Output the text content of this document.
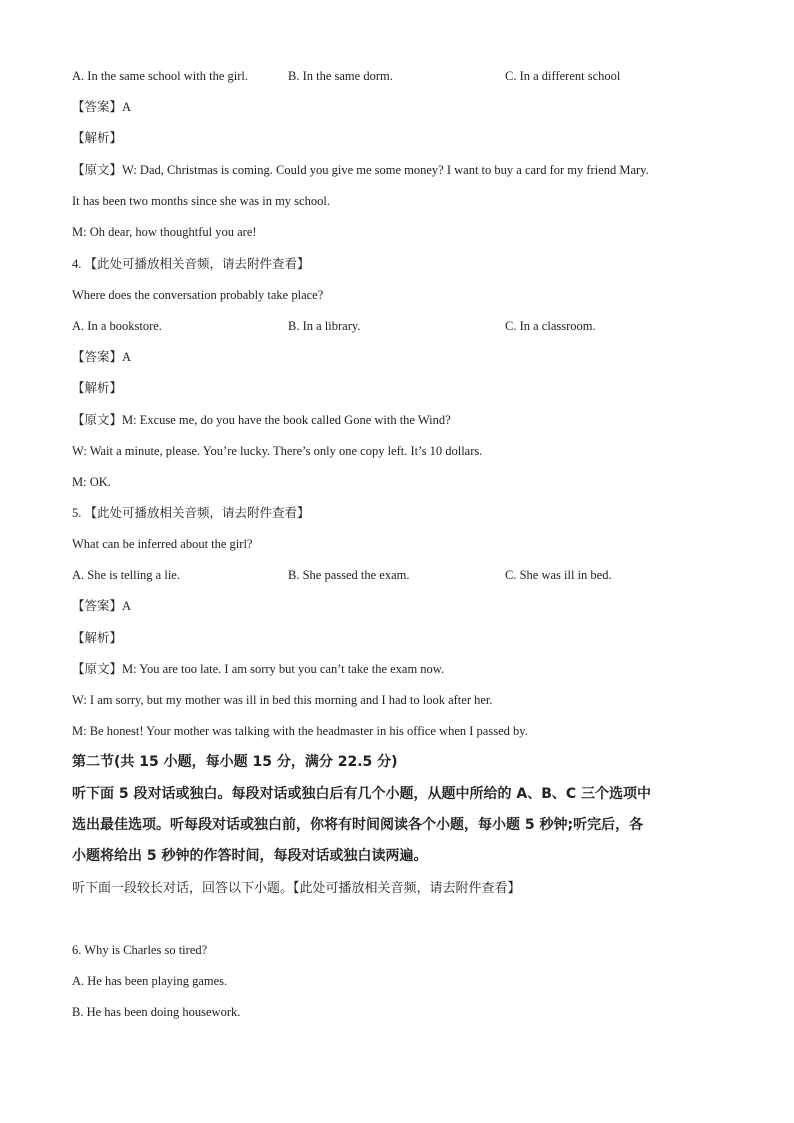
A. In the same school with the girl.	B. In the same dorm.	C. In a different school
【答案】A
【解析】
【原文】W: Dad, Christmas is coming. Could you give me some money? I want to buy a card for my friend Mary.
It has been two months since she was in my school.
M: Oh dear, how thoughtful you are!
4. 【此处可播放相关音频，请去附件查看】
Where does the conversation probably take place?
A. In a bookstore.	B. In a library.	C. In a classroom.
【答案】A
【解析】
【原文】M: Excuse me, do you have the book called Gone with the Wind?
W: Wait a minute, please. You’re lucky. There’s only one copy left. It’s 10 dollars.
M: OK.
5. 【此处可播放相关音频，请去附件查看】
What can be inferred about the girl?
A. She is telling a lie.	B. She passed the exam.	C. She was ill in bed.
【答案】A
【解析】
【原文】M: You are too late. I am sorry but you can’t take the exam now.
W: I am sorry, but my mother was ill in bed this morning and I had to look after her.
M: Be honest! Your mother was talking with the headmaster in his office when I passed by.
第二节(共 15 小题，每小题 15 分，满分 22.5 分)
听下面 5 段对话或独白。每段对话或独白后有几个小题，从题中所给的 A、B、C 三个选项中
选出最佳选项。听每段对话或独白前，你将有时间阅读各个小题，每小题 5 秒钟;听完后，各
小题将给出 5 秒钟的作答时间，每段对话或独白读两遍。
听下面一段较长对话，回答以下小题。【此处可播放相关音频，请去附件查看】
6. Why is Charles so tired?
A. He has been playing games.
B. He has been doing housework.
